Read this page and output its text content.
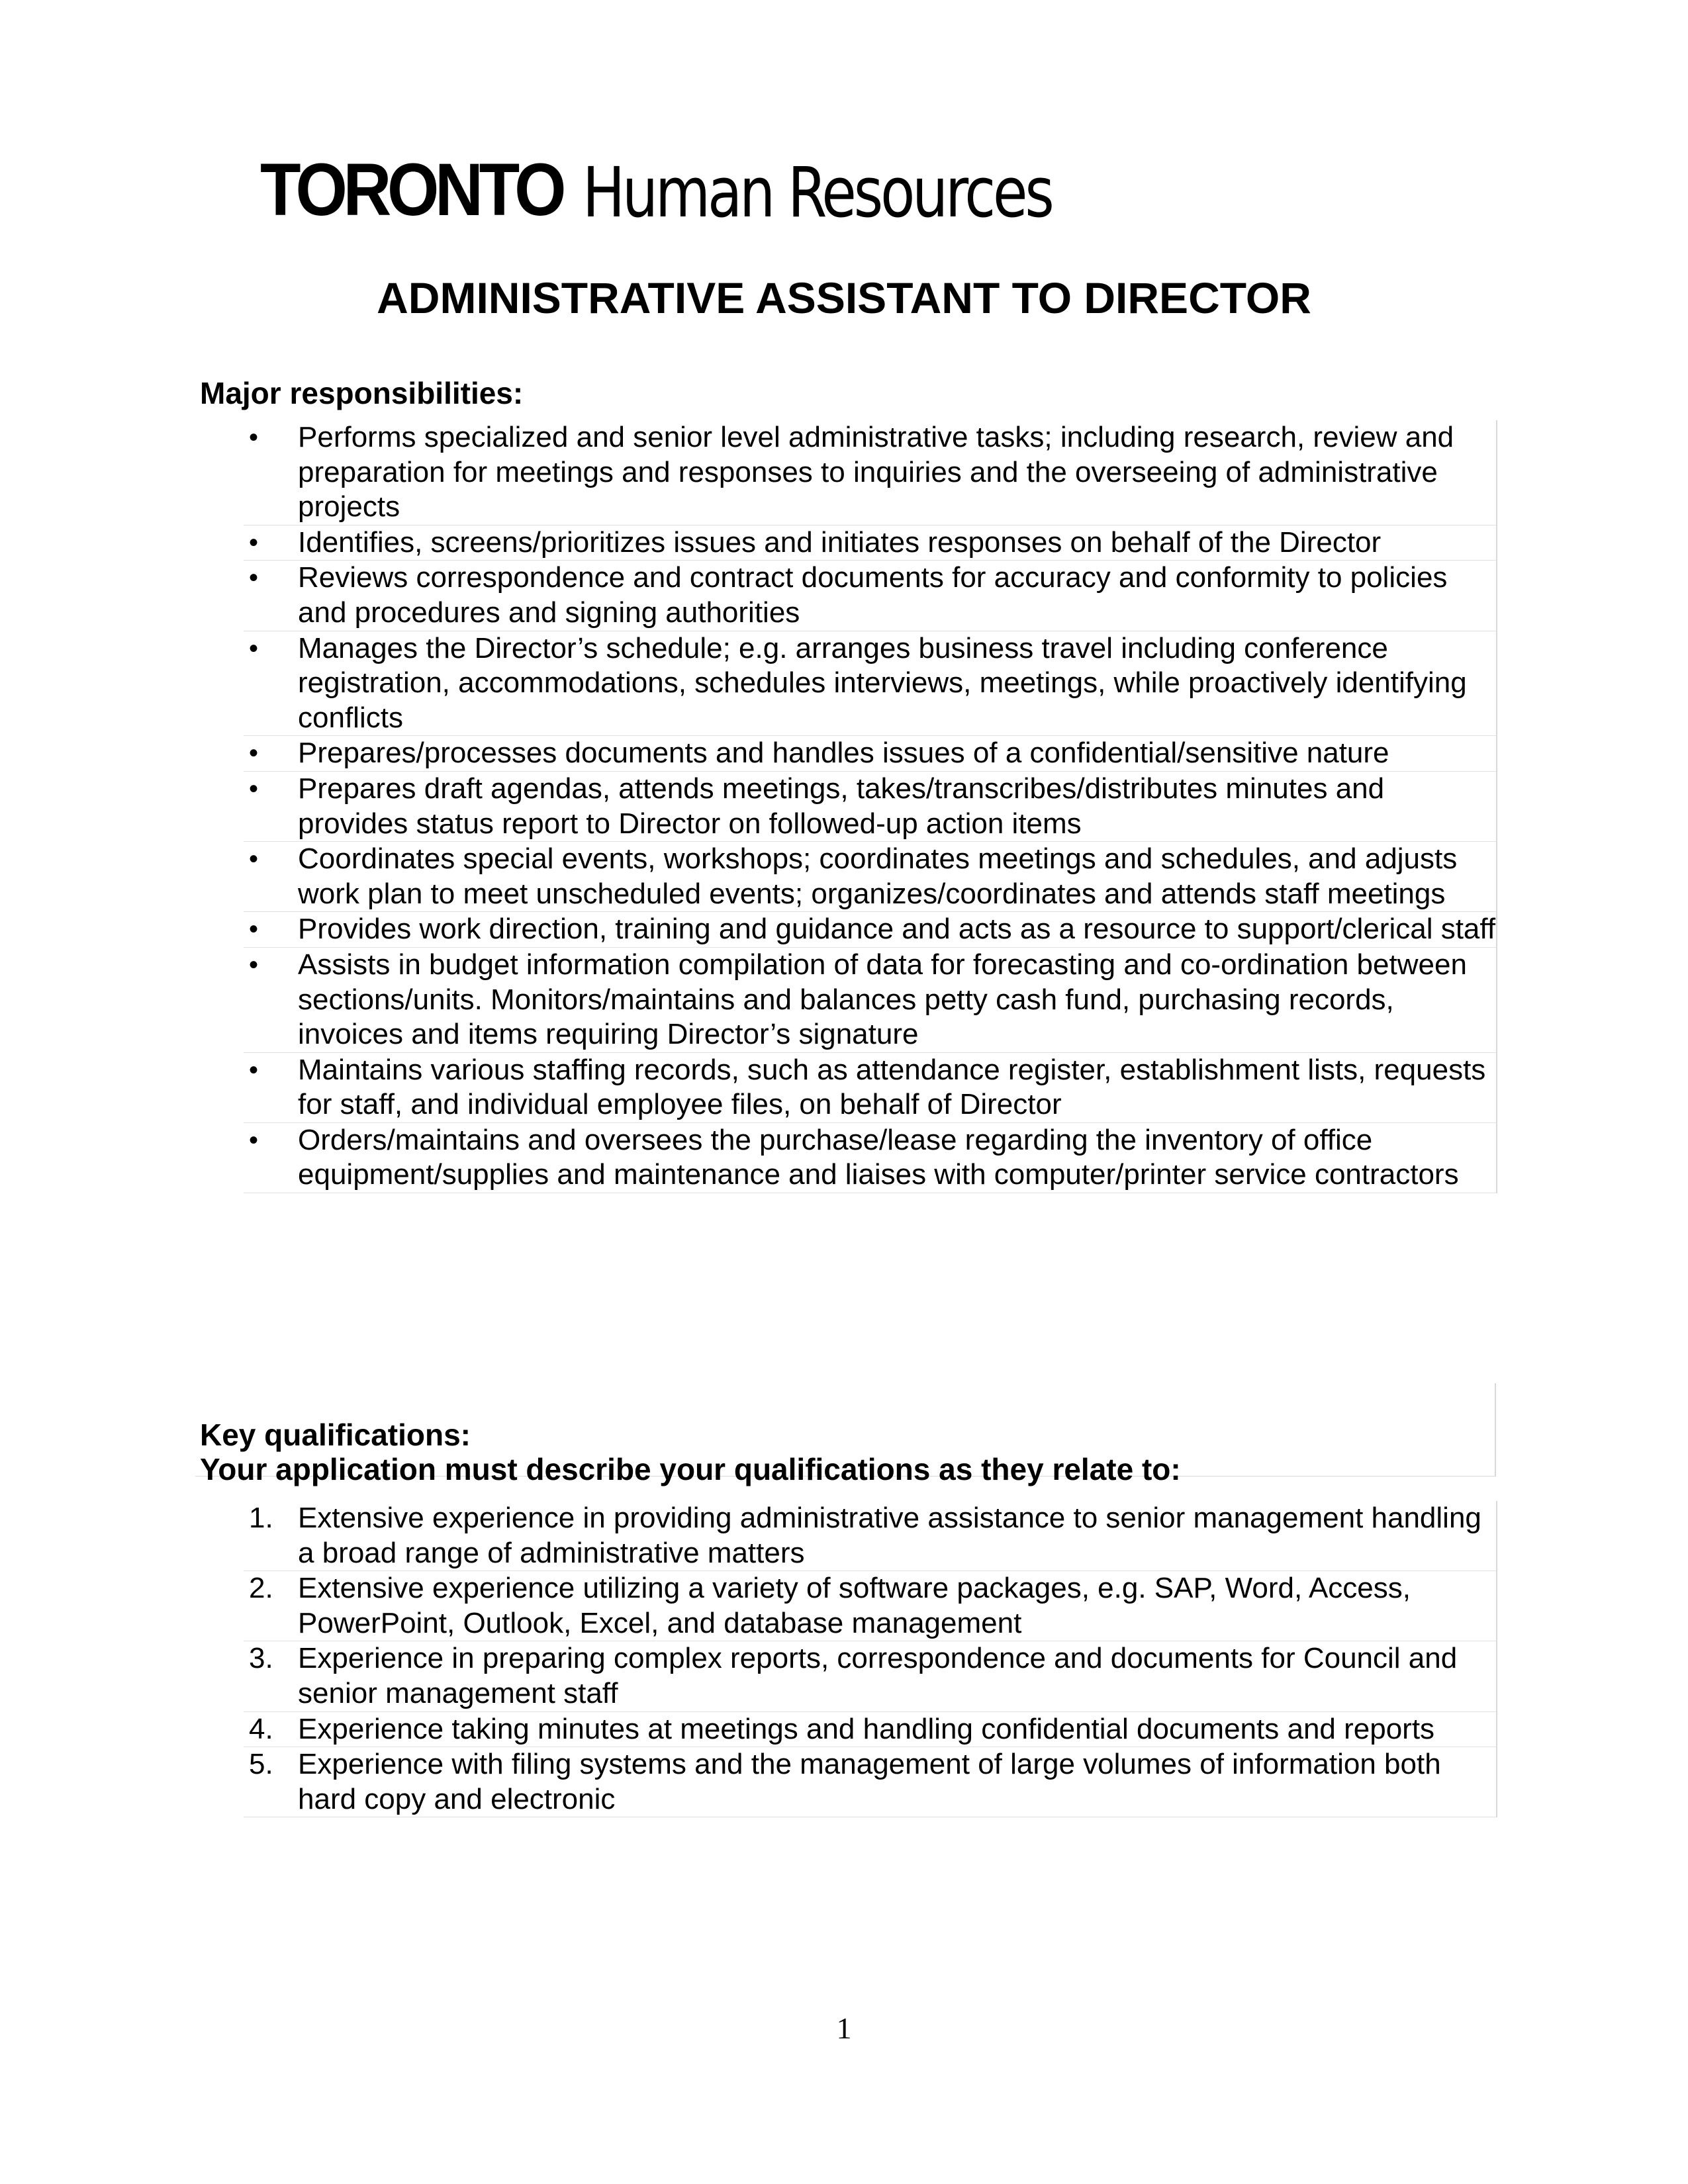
TORONTO Human Resources
ADMINISTRATIVE ASSISTANT TO DIRECTOR
Major responsibilities:
•	Performs specialized and senior level administrative tasks; including research, review and preparation for meetings and responses to inquiries and the overseeing of administrative projects
•	Identifies, screens/prioritizes issues and initiates responses on behalf of the Director
•	Reviews correspondence and contract documents for accuracy and conformity to policies and procedures and signing authorities
•	Manages the Director’s schedule; e.g. arranges business travel including conference registration, accommodations, schedules interviews, meetings, while proactively identifying conflicts
•	Prepares/processes documents and handles issues of a confidential/sensitive nature
•	Prepares draft agendas, attends meetings, takes/transcribes/distributes minutes and provides status report to Director on followed-up action items
•	Coordinates special events, workshops; coordinates meetings and schedules, and adjusts work plan to meet unscheduled events; organizes/coordinates and attends staff meetings
•	Provides work direction, training and guidance and acts as a resource to support/clerical staff
•	Assists in budget information compilation of data for forecasting and co-ordination between sections/units. Monitors/maintains and balances petty cash fund, purchasing records, invoices and items requiring Director’s signature
•	Maintains various staffing records, such as attendance register, establishment lists, requests for staff, and individual employee files, on behalf of Director
•	Orders/maintains and oversees the purchase/lease regarding the inventory of office equipment/supplies and maintenance and liaises with computer/printer service contractors
Key qualifications:
Your application must describe your qualifications as they relate to:
1. Extensive experience in providing administrative assistance to senior management handling a broad range of administrative matters
2. Extensive experience utilizing a variety of software packages, e.g. SAP, Word, Access, PowerPoint, Outlook, Excel, and database management
3. Experience in preparing complex reports, correspondence and documents for Council and senior management staff
4. Experience taking minutes at meetings and handling confidential documents and reports
5. Experience with filing systems and the management of large volumes of information both hard copy and electronic
1
